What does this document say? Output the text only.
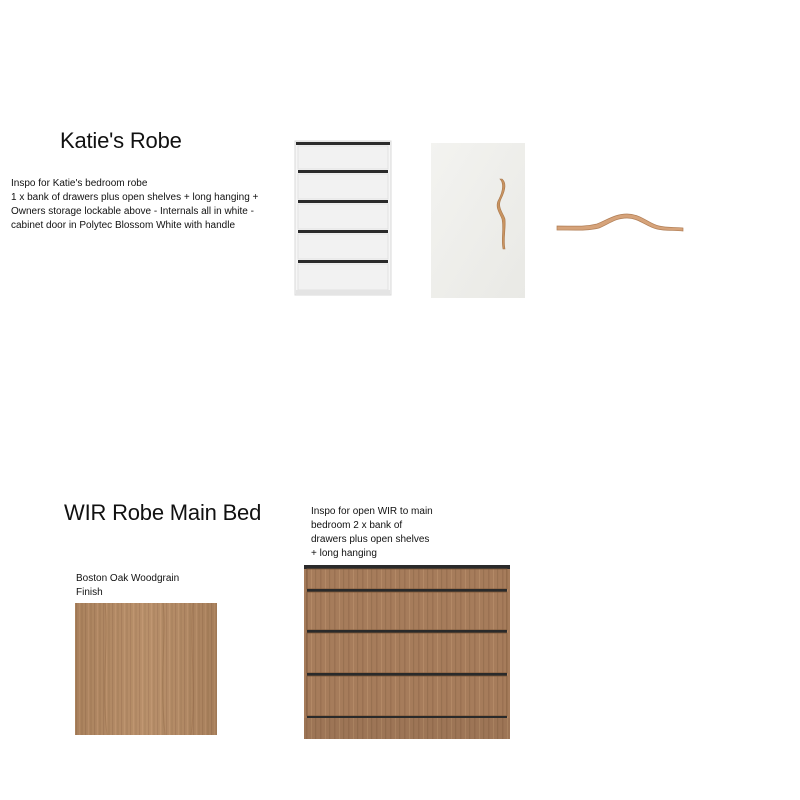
Katie's Robe
Inspo for Katie's bedroom robe
1 x bank of drawers plus open shelves + long hanging +
Owners storage lockable above - Internals all in white -
cabinet door in Polytec Blossom White with handle
WIR Robe Main Bed	Inspo for open WIR to main
bedroom 2 x bank of
drawers plus open shelves
+ long hanging
Boston Oak Woodgrain
Finish
